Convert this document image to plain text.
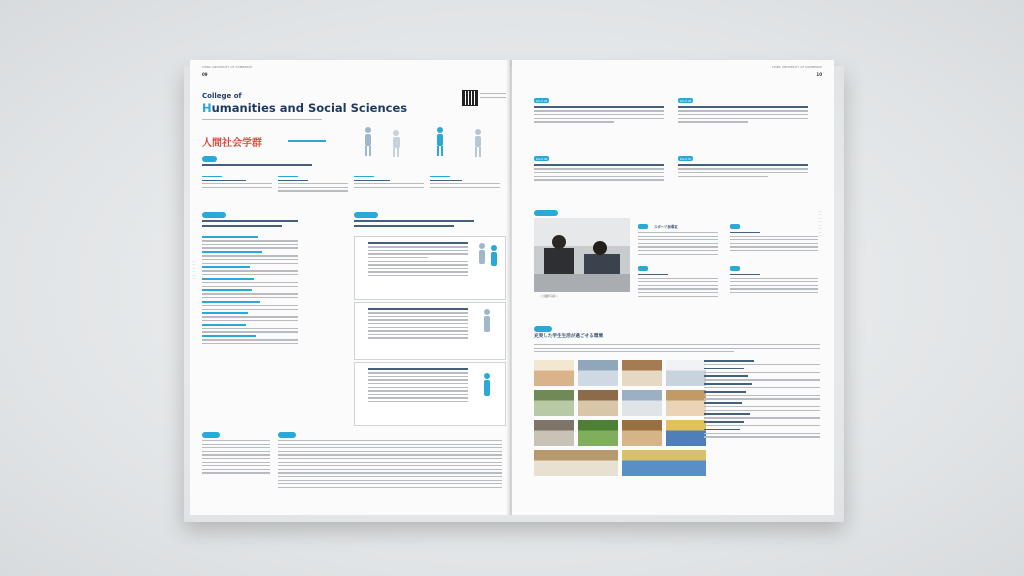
CHIBA UNIVERSITY OF COMMERCE
09
College of
Humanities and Social Sciences
人間社会学群

｜｜｜｜｜｜
CHIBA UNIVERSITY OF COMMERCE
10
Point 04	Point 05
Point 06	Point 07

＜活動写真＞

スポーツ指導室

充実した学生生活が過ごせる環境
｜｜｜｜｜｜｜｜
